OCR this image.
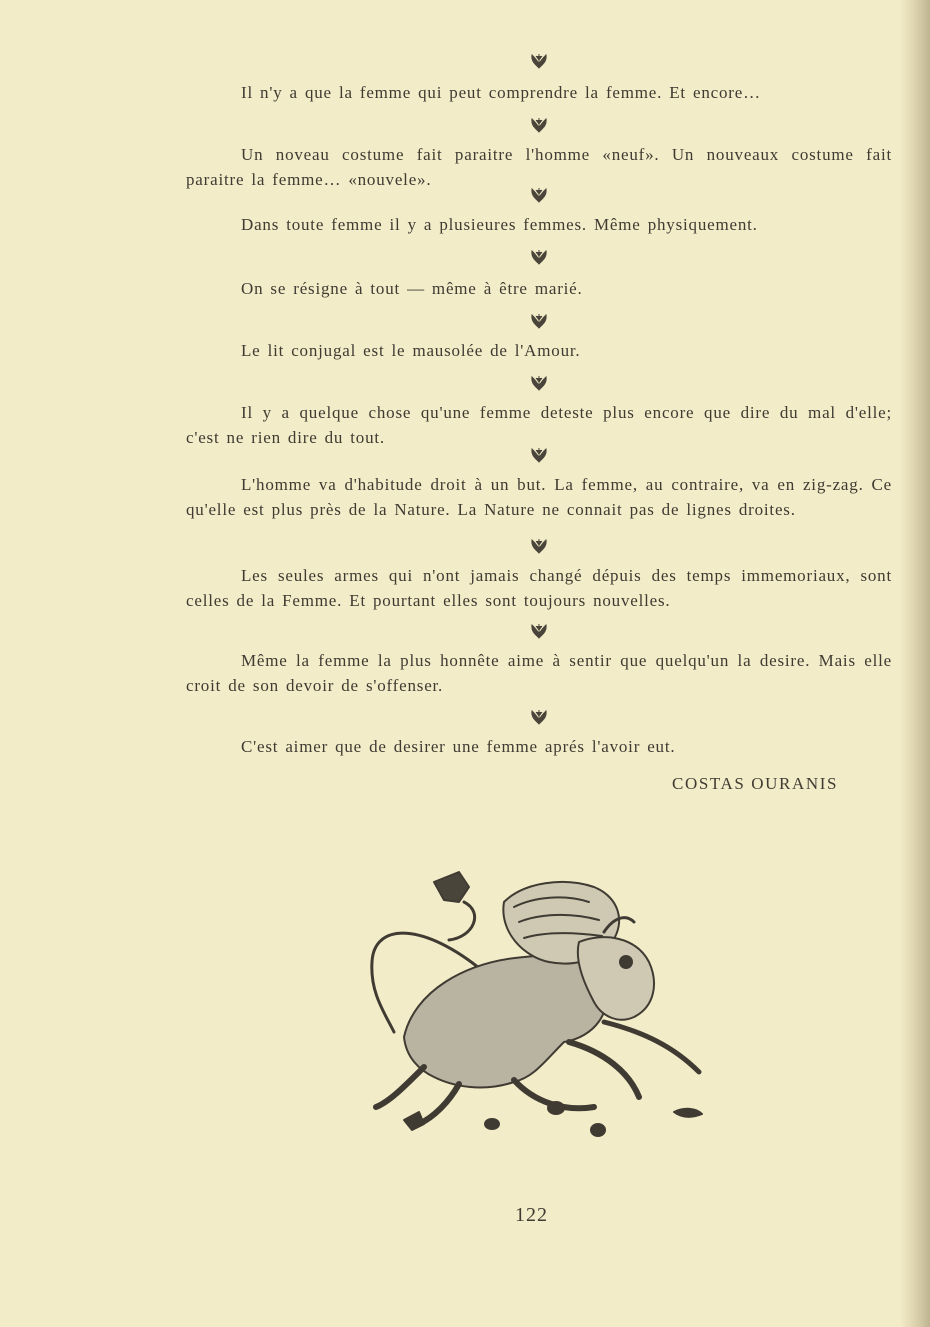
Il n'y a que la femme qui peut comprendre la femme. Et encore…

Un noveau costume fait paraitre l'homme «neuf». Un nouveaux costume fait paraitre la femme… «nouvele».

Dans toute femme il y a plusieures femmes. Même physiquement.

On se résigne à tout — même à être marié.

Le lit conjugal est le mausolée de l'Amour.

Il y a quelque chose qu'une femme deteste plus encore que dire du mal d'elle; c'est ne rien dire du tout.

L'homme va d'habitude droit à un but. La femme, au contraire, va en zig-zag. Ce qu'elle est plus près de la Nature. La Nature ne connait pas de lignes droites.

Les seules armes qui n'ont jamais changé dépuis des temps immemoriaux, sont celles de la Femme. Et pourtant elles sont toujours nouvelles.

Même la femme la plus honnête aime à sentir que quelqu'un la desire. Mais elle croit de son devoir de s'offenser.

C'est aimer que de desirer une femme aprés l'avoir eut.

COSTAS OURANIS
122
